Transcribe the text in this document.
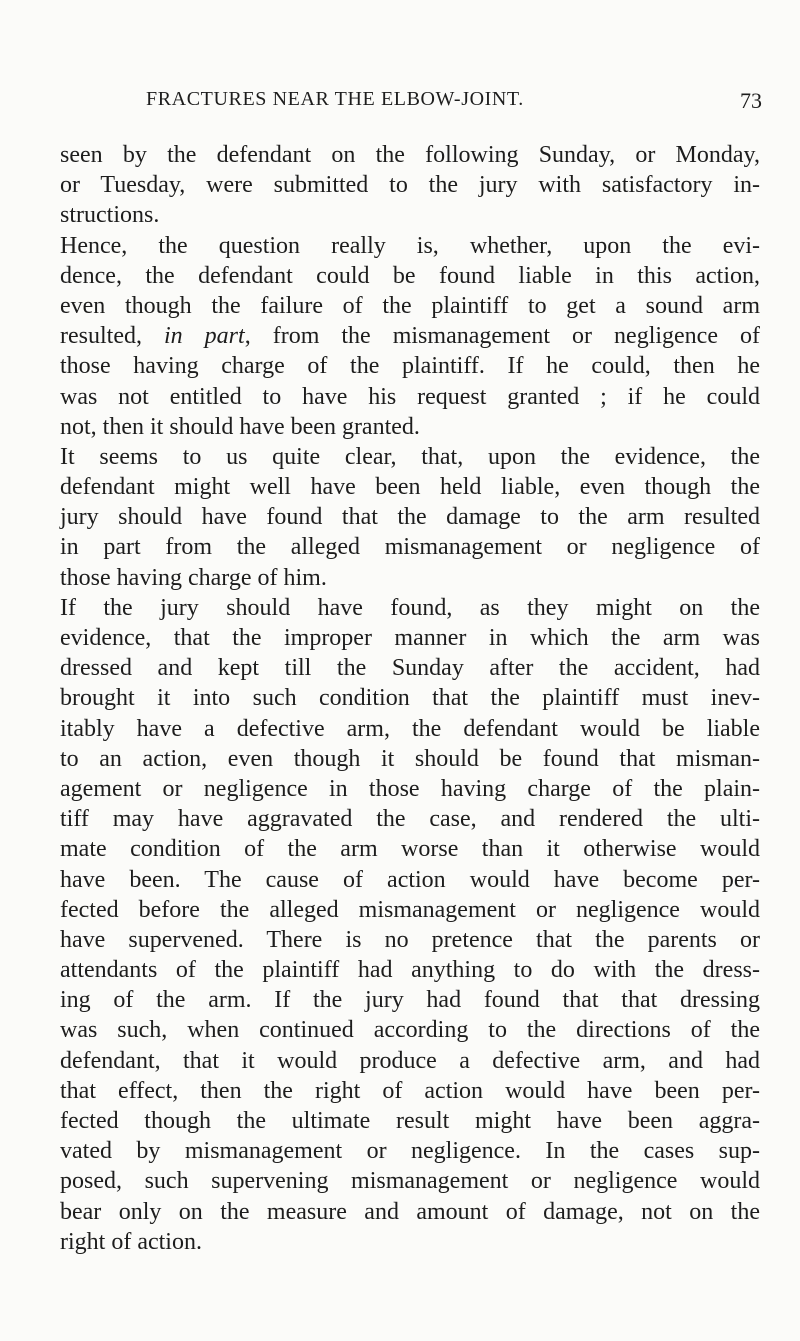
FRACTURES NEAR THE ELBOW-JOINT.	73
seen by the defendant on the following Sunday, or Monday,
or Tuesday, were submitted to the jury with satisfactory in-
structions.
Hence, the question really is, whether, upon the evi-
dence, the defendant could be found liable in this action,
even though the failure of the plaintiff to get a sound arm
resulted, in part, from the mismanagement or negligence of
those having charge of the plaintiff. If he could, then he
was not entitled to have his request granted ; if he could
not, then it should have been granted.
It seems to us quite clear, that, upon the evidence, the
defendant might well have been held liable, even though the
jury should have found that the damage to the arm resulted
in part from the alleged mismanagement or negligence of
those having charge of him.
If the jury should have found, as they might on the
evidence, that the improper manner in which the arm was
dressed and kept till the Sunday after the accident, had
brought it into such condition that the plaintiff must inev-
itably have a defective arm, the defendant would be liable
to an action, even though it should be found that misman-
agement or negligence in those having charge of the plain-
tiff may have aggravated the case, and rendered the ulti-
mate condition of the arm worse than it otherwise would
have been. The cause of action would have become per-
fected before the alleged mismanagement or negligence would
have supervened. There is no pretence that the parents or
attendants of the plaintiff had anything to do with the dress-
ing of the arm. If the jury had found that that dressing
was such, when continued according to the directions of the
defendant, that it would produce a defective arm, and had
that effect, then the right of action would have been per-
fected though the ultimate result might have been aggra-
vated by mismanagement or negligence. In the cases sup-
posed, such supervening mismanagement or negligence would
bear only on the measure and amount of damage, not on the
right of action.
